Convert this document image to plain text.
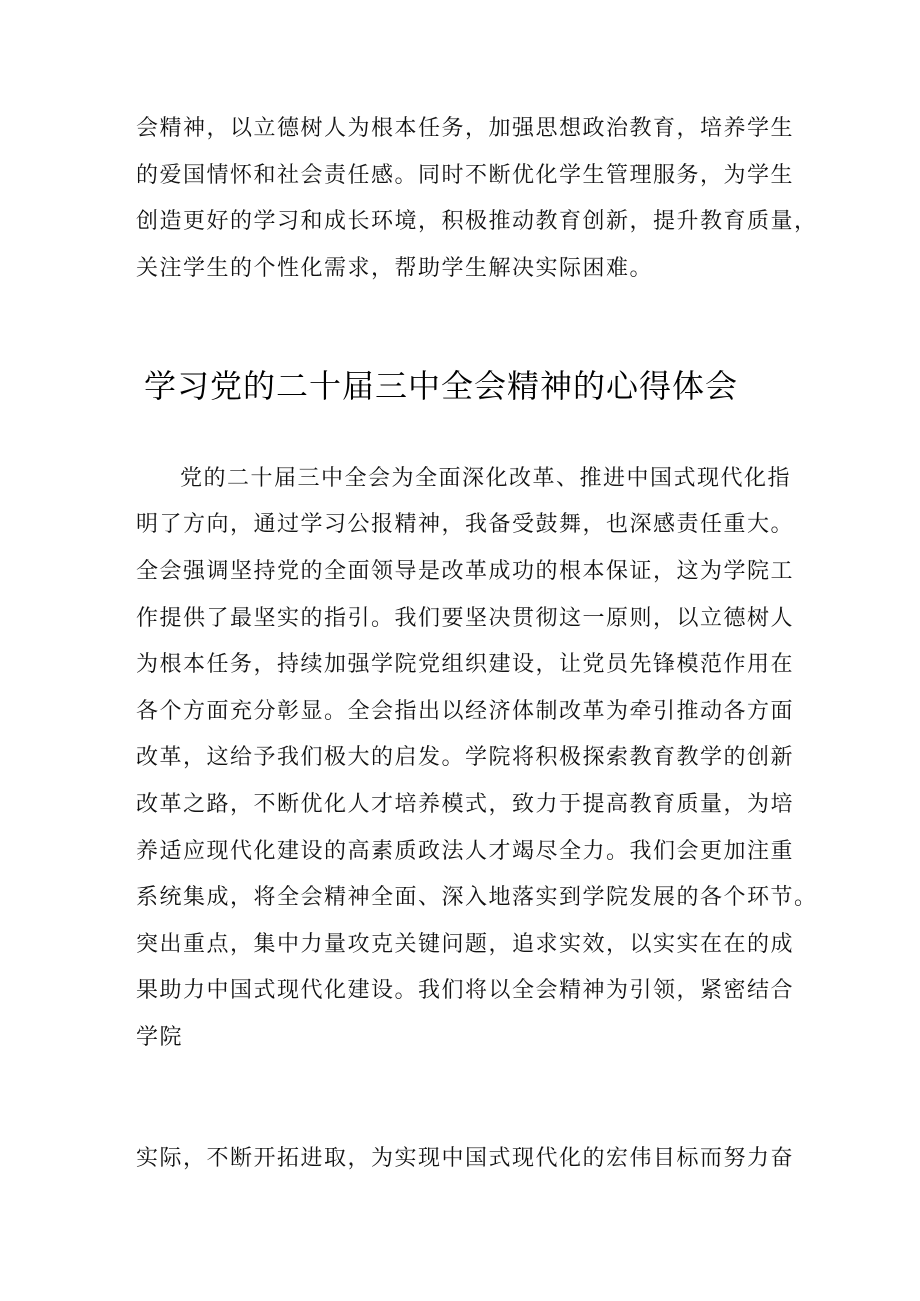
会精神，以立德树人为根本任务，加强思想政治教育，培养学生
的爱国情怀和社会责任感。同时不断优化学生管理服务，为学生
创造更好的学习和成长环境，积极推动教育创新，提升教育质量，
关注学生的个性化需求，帮助学生解决实际困难。
学习党的二十届三中全会精神的心得体会
党的二十届三中全会为全面深化改革、推进中国式现代化指
明了方向，通过学习公报精神，我备受鼓舞，也深感责任重大。
全会强调坚持党的全面领导是改革成功的根本保证，这为学院工
作提供了最坚实的指引。我们要坚决贯彻这一原则，以立德树人
为根本任务，持续加强学院党组织建设，让党员先锋模范作用在
各个方面充分彰显。全会指出以经济体制改革为牵引推动各方面
改革，这给予我们极大的启发。学院将积极探索教育教学的创新
改革之路，不断优化人才培养模式，致力于提高教育质量，为培
养适应现代化建设的高素质政法人才竭尽全力。我们会更加注重
系统集成，将全会精神全面、深入地落实到学院发展的各个环节。
突出重点，集中力量攻克关键问题，追求实效，以实实在在的成
果助力中国式现代化建设。我们将以全会精神为引领，紧密结合
学院
实际，不断开拓进取，为实现中国式现代化的宏伟目标而努力奋
